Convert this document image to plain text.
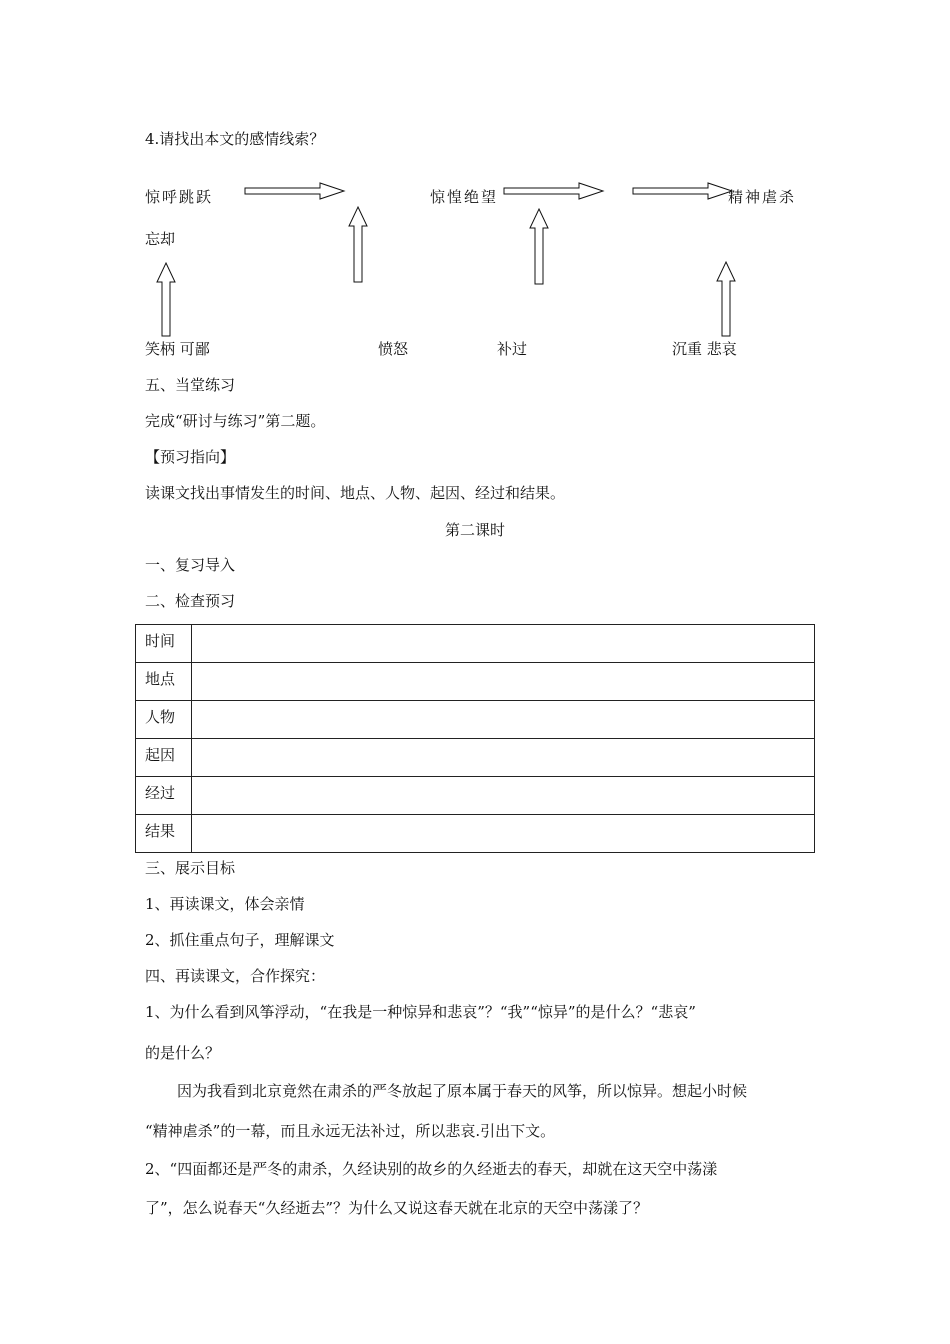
4.请找出本文的感情线索？
惊呼跳跃	惊惶绝望	精神虐杀
忘却
笑柄 可鄙	愤怒	补过	沉重 悲哀
五、当堂练习
完成“研讨与练习”第二题。
【预习指向】
读课文找出事情发生的时间、地点、人物、起因、经过和结果。
第二课时
一、复习导入
二、检查预习
时间	
地点	
人物	
起因	
经过	
结果	
三、展示目标
1、再读课文，体会亲情
2、抓住重点句子，理解课文
四、再读课文，合作探究：
1、为什么看到风筝浮动，“在我是一种惊异和悲哀”？“我”“惊异”的是什么？“悲哀”
的是什么？
因为我看到北京竟然在肃杀的严冬放起了原本属于春天的风筝，所以惊异。想起小时候
“精神虐杀”的一幕，而且永远无法补过，所以悲哀.引出下文。
2、“四面都还是严冬的肃杀，久经诀别的故乡的久经逝去的春天，却就在这天空中荡漾
了”，怎么说春天“久经逝去”？为什么又说这春天就在北京的天空中荡漾了？
